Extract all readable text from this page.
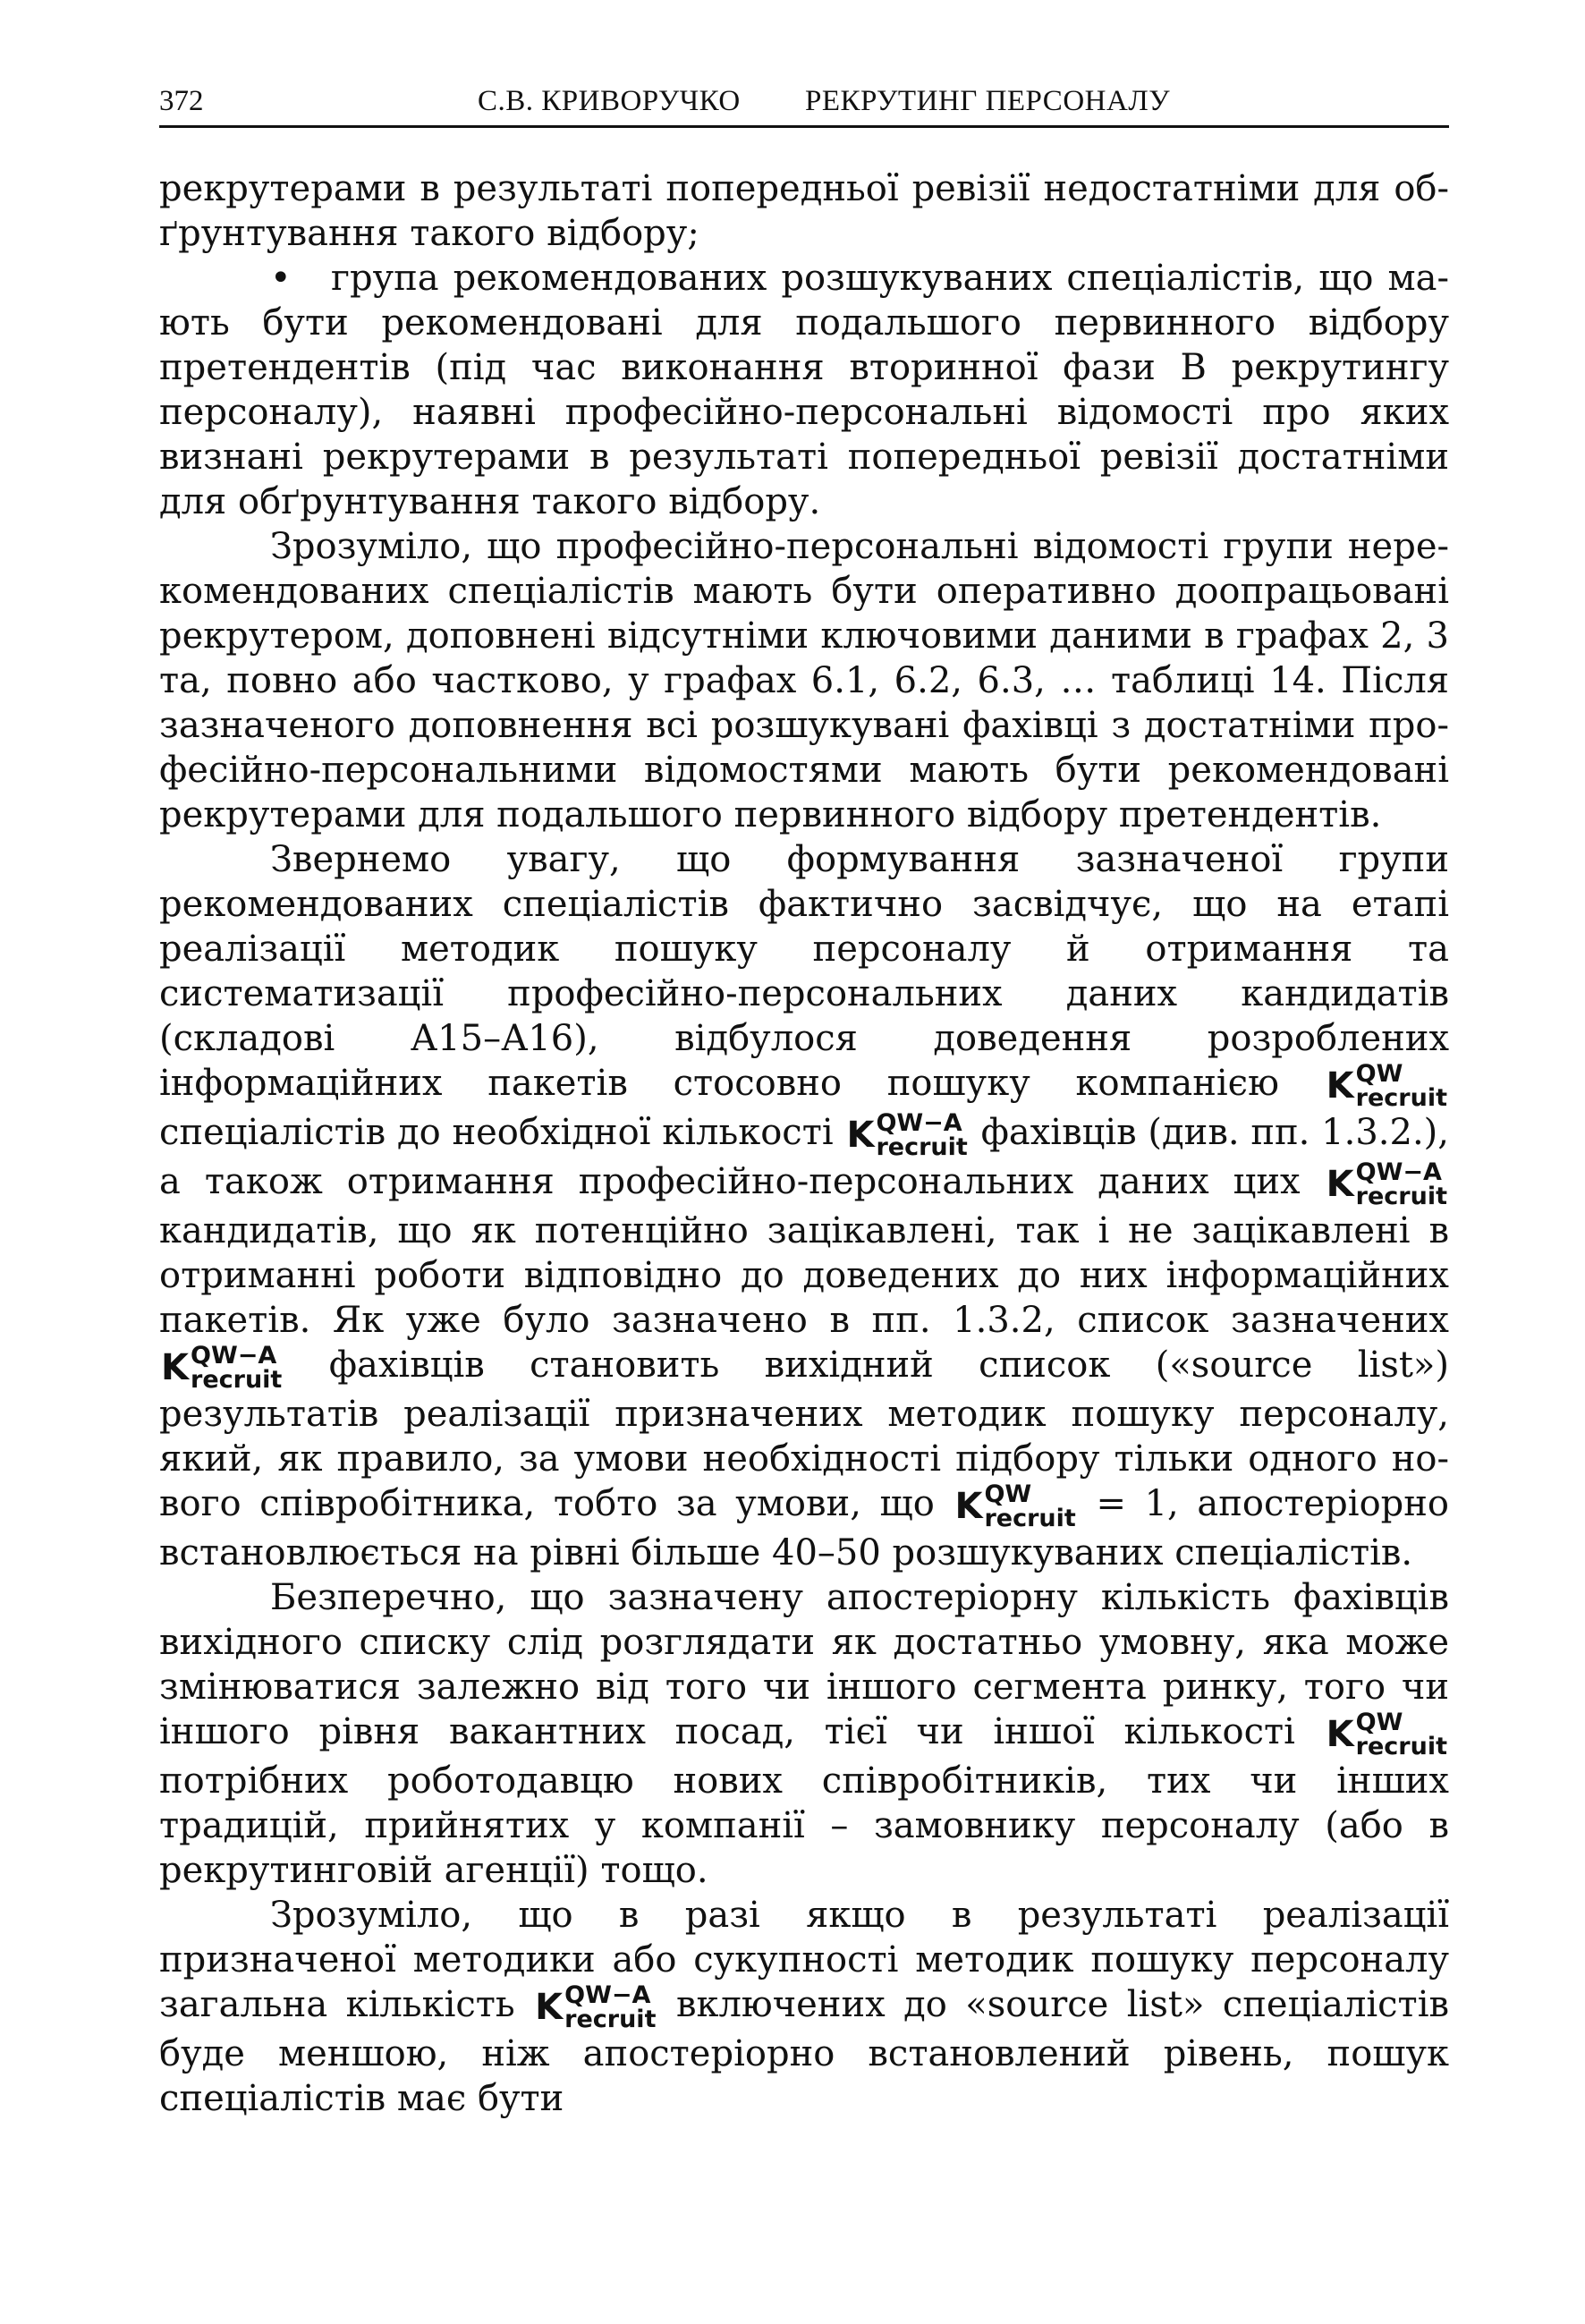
372	С.В. КРИВОРУЧКО РЕКРУТИНГ ПЕРСОНАЛУ

рекрутерами в результаті попередньої ревізії недостатніми для обґрунтування такого відбору;

• група рекомендованих розшукуваних спеціалістів, що мають бути рекомендовані для подальшого первинного відбору претендентів (під час виконання вторинної фази В рекрутингу персоналу), наявні професійно-персональні відомості про яких визнані рекрутерами в результаті попередньої ревізії достатніми для обґрунтування такого відбору.

Зрозуміло, що професійно-персональні відомості групи нерекомендованих спеціалістів мають бути оперативно доопрацьовані рекрутером, доповнені відсутніми ключовими даними в графах 2, 3 та, повно або частково, у графах 6.1, 6.2, 6.3, … таблиці 14. Після зазначеного доповнення всі розшукувані фахівці з достатніми професійно-персональними відомостями мають бути рекомендовані рекрутерами для подальшого первинного відбору претендентів.

Звернемо увагу, що формування зазначеної групи рекомендованих спеціалістів фактично засвідчує, що на етапі реалізації методик пошуку персоналу й отримання та систематизації професійно-персональних даних кандидатів (складові А15–А16), відбулося доведення розроблених інформаційних пакетів стосовно пошуку компанією K QW
recruit
спеціалістів до необхідної кількості K QW−A
recruit фахівців (див. пп. 1.3.2.), а також отримання професійно-персональних даних цих K QW−A
recruit
кандидатів, що як потенційно зацікавлені, так і не зацікавлені в отриманні роботи відповідно до доведених до них інформаційних пакетів. Як уже було зазначено в пп. 1.3.2, список зазначених K QW−A
recruit фахівців становить вихідний список («source list») результатів реалізації призначених методик пошуку персоналу, який, як правило, за умови необхідності підбору тільки одного нового співробітника, тобто за умови, що K QW
recruit = 1, апостеріорно встановлюється на рівні більше 40–50 розшукуваних спеціалістів.

Безперечно, що зазначену апостеріорну кількість фахівців вихідного списку слід розглядати як достатньо умовну, яка може змінюватися залежно від того чи іншого сегмента ринку, того чи іншого рівня вакантних посад, тієї чи іншої кількості K QW
recruit
потрібних роботодавцю нових співробітників, тих чи інших традицій, прийнятих у компанії – замовнику персоналу (або в рекрутинговій агенції) тощо.

Зрозуміло, що в разі якщо в результаті реалізації призначеної методики або сукупності методик пошуку персоналу загальна кількість K QW−A
recruit включених до «source list» спеціалістів буде меншою, ніж апостеріорно встановлений рівень, пошук спеціалістів має бути
